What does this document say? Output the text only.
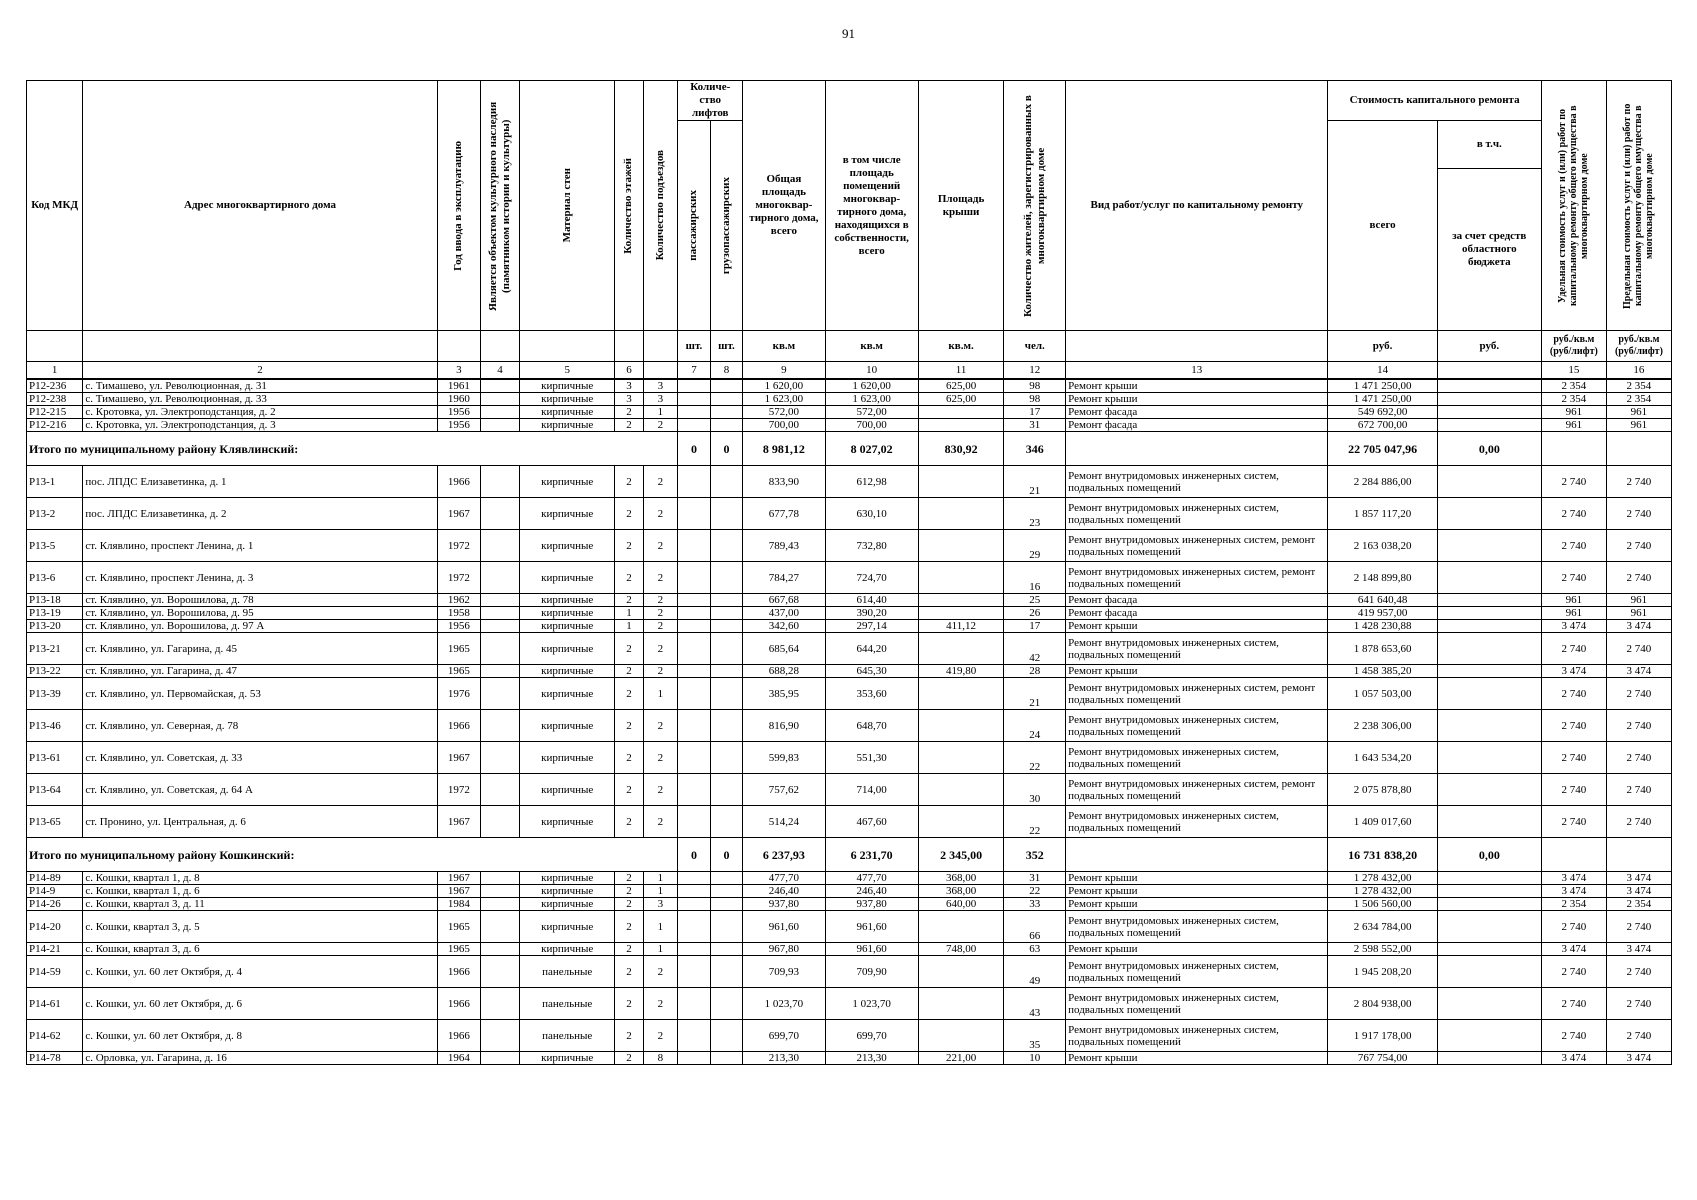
91
Код МКД	Адрес многоквартирного дома	Год ввода в эксплуатацию	Является объектом культурного наследия (памятником истории и культуры)	Материал стен	Количество этажей	Количество подъездов	Количе-ство лифтов		Общая площадь многоквар-тирного дома, всего	в том числе площадь помещений многоквар-тирного дома, находящихся в собственности, всего	Площадь крыши	Количество жителей, зарегистрированных в многоквартирном доме	Вид работ/услуг по капитальному ремонту	Стоимость капитального ремонта		Удельная стоимость услуг и (или) работ по капитальному ремонту общего имущества в многоквартирном доме	Предельная стоимость услуг и (или) работ по капитальному ремонту общего имущества в многоквартирном доме

							пассажирских	грузопассажирских						всего	в т.ч.		
															за счет средств областного бюджета		
							шт.	шт.	кв.м	кв.м	кв.м.	чел.		руб.	руб.	руб./кв.м (руб/лифт)	руб./кв.м (руб/лифт)
1	2	3	4	5	6		7	8	9	10	11	12	13	14		15	16
Р12-236	с. Тимашево, ул. Революционная, д. 31	1961		кирпичные	3	3			1 620,00	1 620,00	625,00	98	Ремонт крыши	1 471 250,00		2 354	2 354
Р12-238	с. Тимашево, ул. Революционная, д. 33	1960		кирпичные	3	3			1 623,00	1 623,00	625,00	98	Ремонт крыши	1 471 250,00		2 354	2 354
Р12-215	с. Кротовка, ул. Электроподстанция, д. 2	1956		кирпичные	2	1			572,00	572,00		17	Ремонт фасада	549 692,00		961	961
Р12-216	с. Кротовка, ул. Электроподстанция, д. 3	1956		кирпичные	2	2			700,00	700,00		31	Ремонт фасада	672 700,00		961	961
Итого по муниципальному району Клявлинский:							0	0	8 981,12	8 027,02	830,92	346		22 705 047,96	0,00		
Р13-1	пос. ЛПДС Елизаветинка, д. 1	1966		кирпичные	2	2			833,90	612,98		21	Ремонт внутридомовых инженерных систем, подвальных помещений	2 284 886,00		2 740	2 740
Р13-2	пос. ЛПДС Елизаветинка, д. 2	1967		кирпичные	2	2			677,78	630,10		23	Ремонт внутридомовых инженерных систем, подвальных помещений	1 857 117,20		2 740	2 740
Р13-5	ст. Клявлино, проспект Ленина, д. 1	1972		кирпичные	2	2			789,43	732,80		29	Ремонт внутридомовых инженерных систем, ремонт подвальных помещений	2 163 038,20		2 740	2 740
Р13-6	ст. Клявлино, проспект Ленина, д. 3	1972		кирпичные	2	2			784,27	724,70		16	Ремонт внутридомовых инженерных систем, ремонт подвальных помещений	2 148 899,80		2 740	2 740
Р13-18	ст. Клявлино, ул. Ворошилова, д. 78	1962		кирпичные	2	2			667,68	614,40		25	Ремонт фасада	641 640,48		961	961
Р13-19	ст. Клявлино, ул. Ворошилова, д. 95	1958		кирпичные	1	2			437,00	390,20		26	Ремонт фасада	419 957,00		961	961
Р13-20	ст. Клявлино, ул. Ворошилова, д. 97 А	1956		кирпичные	1	2			342,60	297,14	411,12	17	Ремонт крыши	1 428 230,88		3 474	3 474
Р13-21	ст. Клявлино, ул. Гагарина, д. 45	1965		кирпичные	2	2			685,64	644,20		42	Ремонт внутридомовых инженерных систем, подвальных помещений	1 878 653,60		2 740	2 740
Р13-22	ст. Клявлино, ул. Гагарина, д. 47	1965		кирпичные	2	2			688,28	645,30	419,80	28	Ремонт крыши	1 458 385,20		3 474	3 474
Р13-39	ст. Клявлино, ул. Первомайская, д. 53	1976		кирпичные	2	1			385,95	353,60		21	Ремонт внутридомовых инженерных систем, ремонт подвальных помещений	1 057 503,00		2 740	2 740
Р13-46	ст. Клявлино, ул. Северная, д. 78	1966		кирпичные	2	2			816,90	648,70		24	Ремонт внутридомовых инженерных систем, подвальных помещений	2 238 306,00		2 740	2 740
Р13-61	ст. Клявлино, ул. Советская, д. 33	1967		кирпичные	2	2			599,83	551,30		22	Ремонт внутридомовых инженерных систем, подвальных помещений	1 643 534,20		2 740	2 740
Р13-64	ст. Клявлино, ул. Советская, д. 64 А	1972		кирпичные	2	2			757,62	714,00		30	Ремонт внутридомовых инженерных систем, ремонт подвальных помещений	2 075 878,80		2 740	2 740
Р13-65	ст. Пронино, ул. Центральная, д. 6	1967		кирпичные	2	2			514,24	467,60		22	Ремонт внутридомовых инженерных систем, подвальных помещений	1 409 017,60		2 740	2 740
Итого по муниципальному району Кошкинский:							0	0	6 237,93	6 231,70	2 345,00	352		16 731 838,20	0,00		
Р14-89	с. Кошки, квартал 1, д. 8	1967		кирпичные	2	1			477,70	477,70	368,00	31	Ремонт крыши	1 278 432,00		3 474	3 474
Р14-9	с. Кошки, квартал 1, д. 6	1967		кирпичные	2	1			246,40	246,40	368,00	22	Ремонт крыши	1 278 432,00		3 474	3 474
Р14-26	с. Кошки, квартал 3, д. 11	1984		кирпичные	2	3			937,80	937,80	640,00	33	Ремонт крыши	1 506 560,00		2 354	2 354
Р14-20	с. Кошки, квартал 3, д. 5	1965		кирпичные	2	1			961,60	961,60		66	Ремонт внутридомовых инженерных систем, подвальных помещений	2 634 784,00		2 740	2 740
Р14-21	с. Кошки, квартал 3, д. 6	1965		кирпичные	2	1			967,80	961,60	748,00	63	Ремонт крыши	2 598 552,00		3 474	3 474
Р14-59	с. Кошки, ул. 60 лет Октября, д. 4	1966		панельные	2	2			709,93	709,90		49	Ремонт внутридомовых инженерных систем, подвальных помещений	1 945 208,20		2 740	2 740
Р14-61	с. Кошки, ул. 60 лет Октября, д. 6	1966		панельные	2	2			1 023,70	1 023,70		43	Ремонт внутридомовых инженерных систем, подвальных помещений	2 804 938,00		2 740	2 740
Р14-62	с. Кошки, ул. 60 лет Октября, д. 8	1966		панельные	2	2			699,70	699,70		35	Ремонт внутридомовых инженерных систем, подвальных помещений	1 917 178,00		2 740	2 740
Р14-78	с. Орловка, ул. Гагарина, д. 16	1964		кирпичные	2	8			213,30	213,30	221,00	10	Ремонт крыши	767 754,00		3 474	3 474
